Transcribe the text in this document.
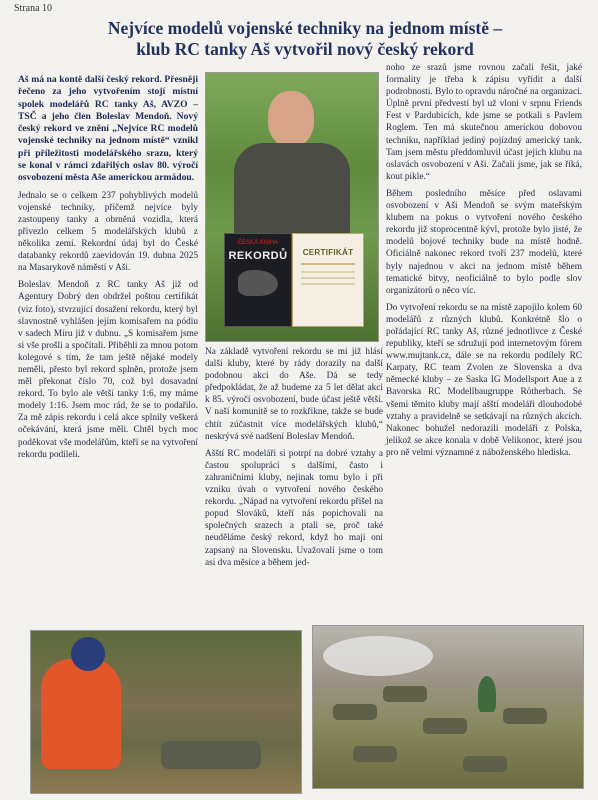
Strana 10
Nejvíce modelů vojenské techniky na jednom místě –
klub RC tanky Aš vytvořil nový český rekord

Aš má na kontě další český rekord. Přesněji řečeno za jeho vytvořením stojí místní spolek modelářů RC tanky Aš, AVZO – TSČ a jeho člen Boleslav Mendoň. Nový český rekord ve znění „Nejvíce RC modelů vojenské techniky na jednom místě“ vznikl při příležitosti modelářského srazu, který se konal v rámci zdařilých oslav 80. výročí osvobození města Aše americkou armádou.

Jednalo se o celkem 237 pohyblivých modelů vojenské techniky, přičemž nejvíce byly zastoupeny tanky a obrněná vozidla, která přivezlo celkem 5 modelářských klubů z několika zemí. Rekordní údaj byl do České databanky rekordů zaevidován 19. dubna 2025 na Masarykově náměstí v Aši.

Boleslav Mendoň z RC tanky Aš již od Agentury Dobrý den obdržel poštou certifikát (viz foto), stvrzující dosažení rekordu, který byl slavnostně vyhlášen jejím komisařem na pódiu v sadech Míru již v dubnu. „S komisařem jsme si vše prošli a spočítali. Přiběhli za mnou potom kolegové s tím, že tam ještě nějaké modely neměli, přesto byl rekord splněn, protože jsem měl překonat číslo 70, což byl dosavadní rekord. To bylo ale větší tanky 1:6, my máme modely 1:16. Jsem moc rád, že se to podařilo. Za mě zápis rekordu i celá akce splnily veškerá očekávání, která jsme měli. Chtěl bych moc poděkovat vše modelářům, kteří se na vytvoření rekordu podíleli.

ČESKÁ KNIHA
REKORDŮ	CERTIFIKÁT

Na základě vytvoření rekordu se mi již hlásí další kluby, které by rády dorazily na další podobnou akci do Aše. Dá se tedy předpokládat, že až budeme za 5 let dělat akci k 85. výročí osvobození, bude účast ještě větší. V naší komunitě se to rozkřikne, takže se bude chtít zúčastnit více modelářských klubů,“ neskrývá své nadšení Boleslav Mendoň.

Ašští RC modeláři si potrpí na dobré vztahy a častou spolupráci s dalšími, často i zahraničními kluby, nejinak tomu bylo i při vzniku úvah o vytvoření nového českého rekordu. „Nápad na vytvoření rekordu přišel na popud Slováků, kteří nás popichovali na společných srazech a ptali se, proč také neuděláme český rekord, když ho mají oni zapsaný na Slovensku. Uvažovali jsme o tom asi dva měsíce a během jed-

noho ze srazů jsme rovnou začali řešit, jaké formality je třeba k zápisu vyřídit a další podrobnosti. Bylo to opravdu náročné na organizaci. Úplně první předvestí byl už vloni v srpnu Friends Fest v Pardubicích, kde jsme se potkali s Pavlem Roglem. Ten má skutečnou americkou dobovou techniku, například jediný pojízdný americký tank. Tam jsem městu předdomluvil účast jejich klubu na oslavách osvobození v Aši. Začali jsme, jak se říká, kout pikle.“

Během posledního měsíce před oslavami osvobození v Aši Mendoň se svým mateřským klubem na pokus o vytvoření nového českého rekordu již stoprocentně kývl, protože bylo jisté, že modelů bojové techniky bude na místě hodně. Oficiálně nakonec rekord tvoří 237 modelů, které byly najednou v akci na jednom místě během tematické bitvy, neoficiálně to bylo podle slov organizátorů o něco víc.

Do vytvoření rekordu se na místě zapojilo kolem 60 modelářů z různých klubů. Konkrétně šlo o pořádající RC tanky Aš, různé jednotlivce z České republiky, kteří se sdružují pod internetovým fórem www.mujtank.cz, dále se na rekordu podílely RC Karpaty, RC team Zvolen ze Slovenska a dva německé kluby – ze Saska IG Modellsport Aue a z Bavorska RC Modellbaugruppe Rötherbach. Se všemi těmito kluby mají ašští modeláři dlouhodobé vztahy a pravidelně se setkávají na různých akcích. Nakonec bohužel nedorazili modeláři z Polska, jelikož se akce konala v době Velikonoc, které jsou pro ně velmi významné z náboženského hlediska.
